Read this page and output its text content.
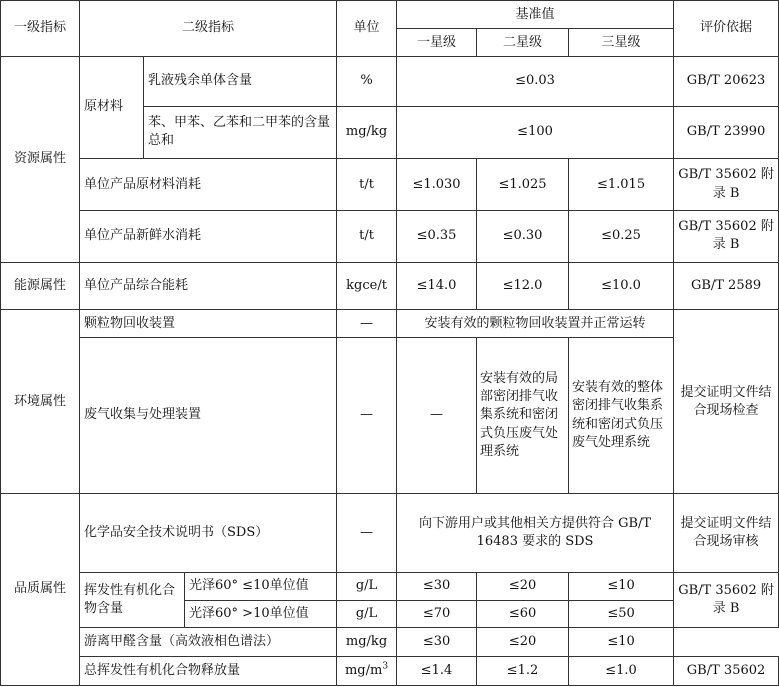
一级指标	二级指标			单位	基准值			评价依据
					一星级	二星级	三星级	
资源属性	原材料	乳液残余单体含量		%	≤0.03			GB/T 20623
		苯、甲苯、乙苯和二甲苯的含量总和		mg/kg	≤100			GB/T 23990
	单位产品原材料消耗			t/t	≤1.030	≤1.025	≤1.015	GB/T 35602 附录 B
	单位产品新鲜水消耗			t/t	≤0.35	≤0.30	≤0.25	GB/T 35602 附录 B
能源属性	单位产品综合能耗			kgce/t	≤14.0	≤12.0	≤10.0	GB/T 2589
环境属性	颗粒物回收装置			—	安装有效的颗粒物回收装置并正常运转			提交证明文件结合现场检查
	废气收集与处理装置			—	—	安装有效的局部密闭排气收集系统和密闭式负压废气处理系统	安装有效的整体密闭排气收集系统和密闭式负压废气处理系统	
品质属性	化学品安全技术说明书（SDS）			—	向下游用户或其他相关方提供符合 GB/T 16483 要求的 SDS			提交证明文件结合现场审核
	挥发性有机化合物含量		光泽60° ≤10单位值	g/L	≤30	≤20	≤10	GB/T 35602 附录 B
			光泽60° >10单位值	g/L	≤70	≤60	≤50	
	游离甲醛含量（高效液相色谱法）			mg/kg	≤30	≤20	≤10	
	总挥发性有机化合物释放量			$mg/m^3$	≤1.4	≤1.2	≤1.0	GB/T 35602
